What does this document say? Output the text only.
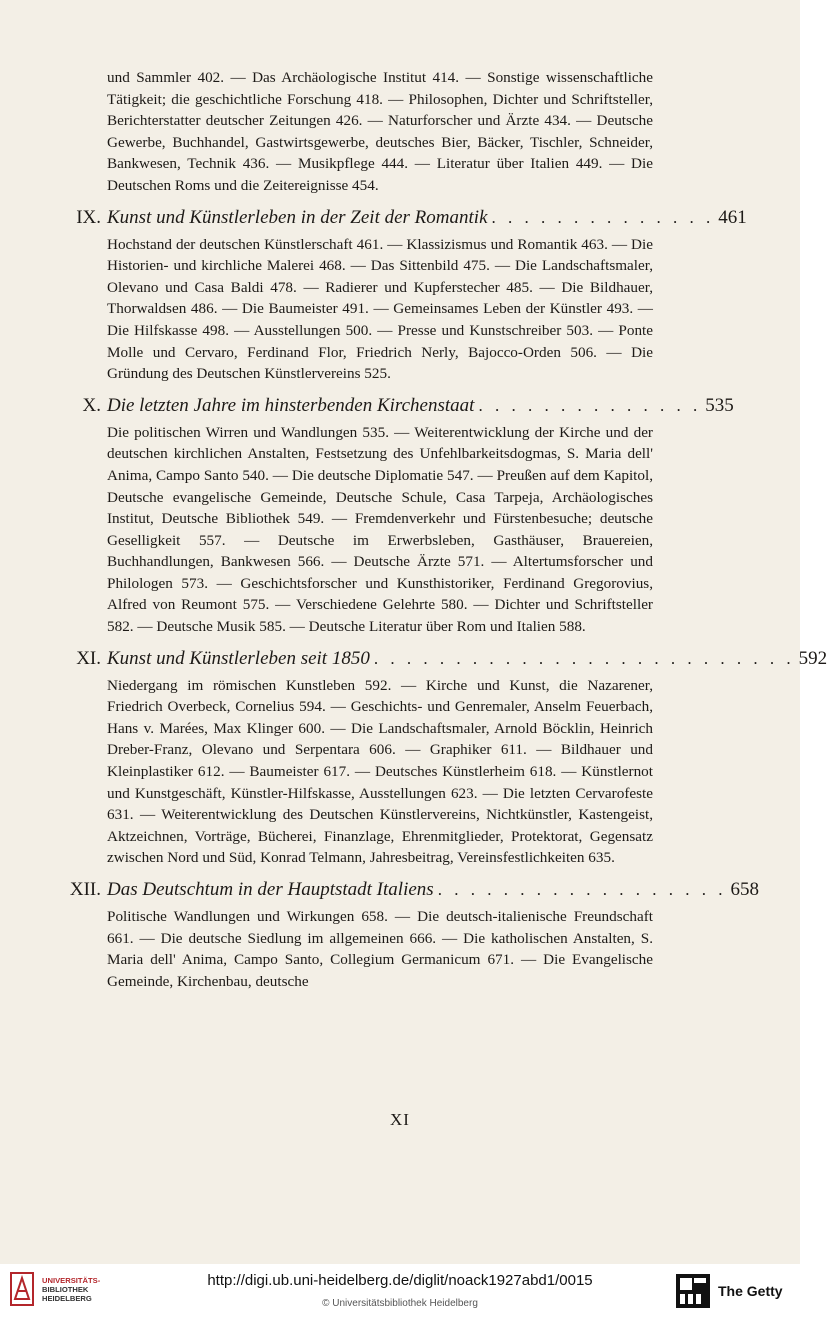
und Sammler 402. — Das Archäologische Institut 414. — Sonstige wissenschaftliche Tätigkeit; die geschichtliche Forschung 418. — Philosophen, Dichter und Schriftsteller, Berichterstatter deutscher Zeitungen 426. — Naturforscher und Ärzte 434. — Deutsche Gewerbe, Buchhandel, Gastwirtsgewerbe, deutsches Bier, Bäcker, Tischler, Schneider, Bankwesen, Technik 436. — Musikpflege 444. — Literatur über Italien 449. — Die Deutschen Roms und die Zeitereignisse 454.

IX. Kunst und Künstlerleben in der Zeit der Romantik . . . . . . . . . . . . . . 461

Hochstand der deutschen Künstlerschaft 461. — Klassizismus und Romantik 463. — Die Historien- und kirchliche Malerei 468. — Das Sittenbild 475. — Die Landschaftsmaler, Olevano und Casa Baldi 478. — Radierer und Kupferstecher 485. — Die Bildhauer, Thorwaldsen 486. — Die Baumeister 491. — Gemeinsames Leben der Künstler 493. — Die Hilfskasse 498. — Ausstellungen 500. — Presse und Kunstschreiber 503. — Ponte Molle und Cervaro, Ferdinand Flor, Friedrich Nerly, Bajocco-Orden 506. — Die Gründung des Deutschen Künstlervereins 525.

X. Die letzten Jahre im hinsterbenden Kirchenstaat . . . . . . . . . . . . . . 535

Die politischen Wirren und Wandlungen 535. — Weiterentwicklung der Kirche und der deutschen kirchlichen Anstalten, Festsetzung des Unfehlbarkeitsdogmas, S. Maria dell' Anima, Campo Santo 540. — Die deutsche Diplomatie 547. — Preußen auf dem Kapitol, Deutsche evangelische Gemeinde, Deutsche Schule, Casa Tarpeja, Archäologisches Institut, Deutsche Bibliothek 549. — Fremdenverkehr und Fürstenbesuche; deutsche Geselligkeit 557. — Deutsche im Erwerbsleben, Gasthäuser, Brauereien, Buchhandlungen, Bankwesen 566. — Deutsche Ärzte 571. — Altertumsforscher und Philologen 573. — Geschichtsforscher und Kunsthistoriker, Ferdinand Gregorovius, Alfred von Reumont 575. — Verschiedene Gelehrte 580. — Dichter und Schriftsteller 582. — Deutsche Musik 585. — Deutsche Literatur über Rom und Italien 588.

XI. Kunst und Künstlerleben seit 1850 . . . . . . . . . . . . . . . . . . . . . . . . . . 592

Niedergang im römischen Kunstleben 592. — Kirche und Kunst, die Nazarener, Friedrich Overbeck, Cornelius 594. — Geschichts- und Genremaler, Anselm Feuerbach, Hans v. Marées, Max Klinger 600. — Die Landschaftsmaler, Arnold Böcklin, Heinrich Dreber-Franz, Olevano und Serpentara 606. — Graphiker 611. — Bildhauer und Kleinplastiker 612. — Baumeister 617. — Deutsches Künstlerheim 618. — Künstlernot und Kunstgeschäft, Künstler-Hilfskasse, Ausstellungen 623. — Die letzten Cervarofeste 631. — Weiterentwicklung des Deutschen Künstlervereins, Nichtkünstler, Kastengeist, Aktzeichnen, Vorträge, Bücherei, Finanzlage, Ehrenmitglieder, Protektorat, Gegensatz zwischen Nord und Süd, Konrad Telmann, Jahresbeitrag, Vereinsfestlichkeiten 635.

XII. Das Deutschtum in der Hauptstadt Italiens . . . . . . . . . . . . . . . . . . 658

Politische Wandlungen und Wirkungen 658. — Die deutsch-italienische Freundschaft 661. — Die deutsche Siedlung im allgemeinen 666. — Die katholischen Anstalten, S. Maria dell' Anima, Campo Santo, Collegium Germanicum 671. — Die Evangelische Gemeinde, Kirchenbau, deutsche

XI
UNIVERSITÄTS-
BIBLIOTHEK
HEIDELBERG
http://digi.ub.uni-heidelberg.de/diglit/noack1927abd1/0015
© Universitätsbibliothek Heidelberg
The Getty
